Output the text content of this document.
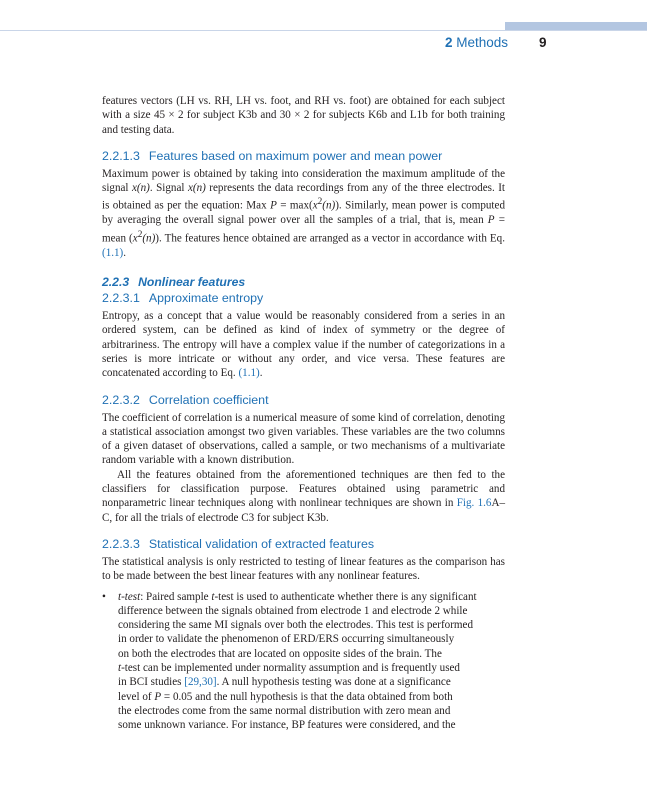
2 Methods 9

features vectors (LH vs. RH, LH vs. foot, and RH vs. foot) are obtained for each subject with a size 45 × 2 for subject K3b and 30 × 2 for subjects K6b and L1b for both training and testing data.

2.2.1.3 Features based on maximum power and mean power

Maximum power is obtained by taking into consideration the maximum amplitude of the signal x(n). Signal x(n) represents the data recordings from any of the three electrodes. It is obtained as per the equation: Max $P = \max(x^2(n))$. Similarly, mean power is computed by averaging the overall signal power over all the samples of a trial, that is, mean P = mean $(x^2(n))$. The features hence obtained are arranged as a vector in accordance with Eq. (1.1).

2.2.3 Nonlinear features
2.2.3.1 Approximate entropy

Entropy, as a concept that a value would be reasonably considered from a series in an ordered system, can be defined as kind of index of symmetry or the degree of arbitrariness. The entropy will have a complex value if the number of categorizations in a series is more intricate or without any order, and vice versa. These features are concatenated according to Eq. (1.1).

2.2.3.2 Correlation coefficient

The coefficient of correlation is a numerical measure of some kind of correlation, denoting a statistical association amongst two given variables. These variables are the two columns of a given dataset of observations, called a sample, or two mechanisms of a multivariate random variable with a known distribution.

All the features obtained from the aforementioned techniques are then fed to the classifiers for classification purpose. Features obtained using parametric and nonparametric linear techniques along with nonlinear techniques are shown in Fig. 1.6A–C, for all the trials of electrode C3 for subject K3b.

2.2.3.3 Statistical validation of extracted features

The statistical analysis is only restricted to testing of linear features as the comparison has to be made between the best linear features with any nonlinear features.

• t-test: Paired sample t-test is used to authenticate whether there is any significant
difference between the signals obtained from electrode 1 and electrode 2 while
considering the same MI signals over both the electrodes. This test is performed
in order to validate the phenomenon of ERD/ERS occurring simultaneously
on both the electrodes that are located on opposite sides of the brain. The
t-test can be implemented under normality assumption and is frequently used
in BCI studies [29,30]. A null hypothesis testing was done at a significance
level of P = 0.05 and the null hypothesis is that the data obtained from both
the electrodes come from the same normal distribution with zero mean and
some unknown variance. For instance, BP features were considered, and the
